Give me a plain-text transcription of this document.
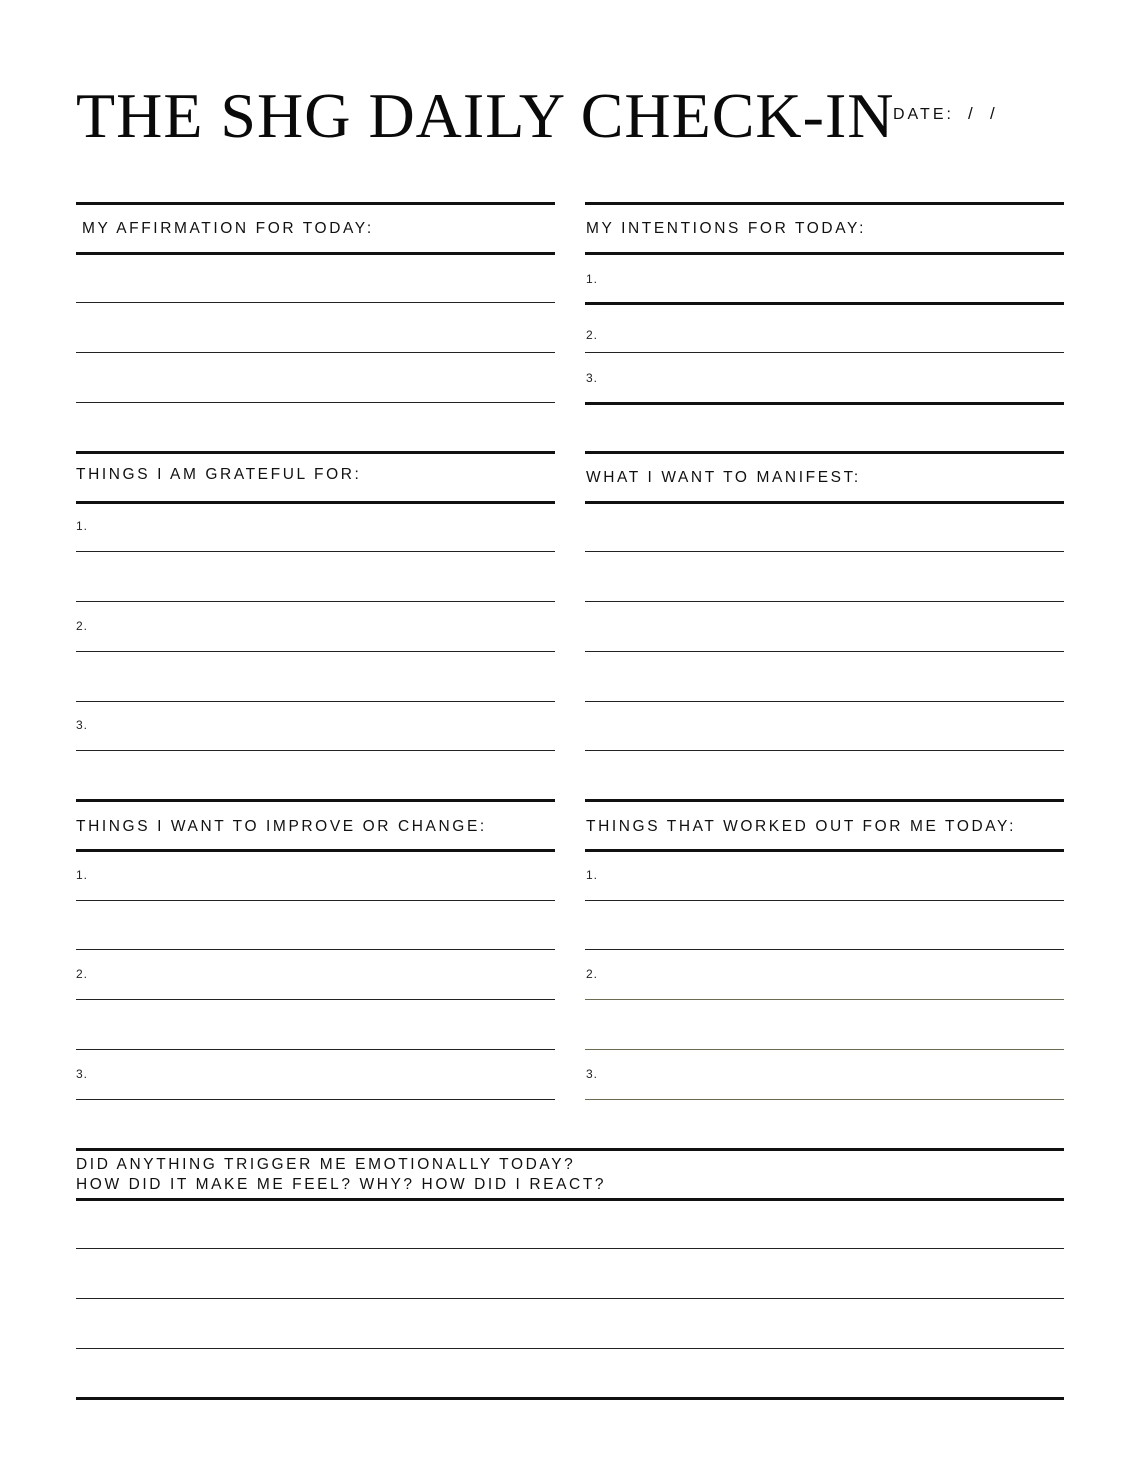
THE SHG DAILY CHECK-IN
DATE: / /
MY AFFIRMATION FOR TODAY:
THINGS I AM GRATEFUL FOR:
1.
2.
3.
THINGS I WANT TO IMPROVE OR CHANGE:
1.
2.
3.
MY INTENTIONS FOR TODAY:
1.
2.
3.
WHAT I WANT TO MANIFEST:
THINGS THAT WORKED OUT FOR ME TODAY:
1.
2.
3.
DID ANYTHING TRIGGER ME EMOTIONALLY TODAY?
HOW DID IT MAKE ME FEEL? WHY? HOW DID I REACT?
